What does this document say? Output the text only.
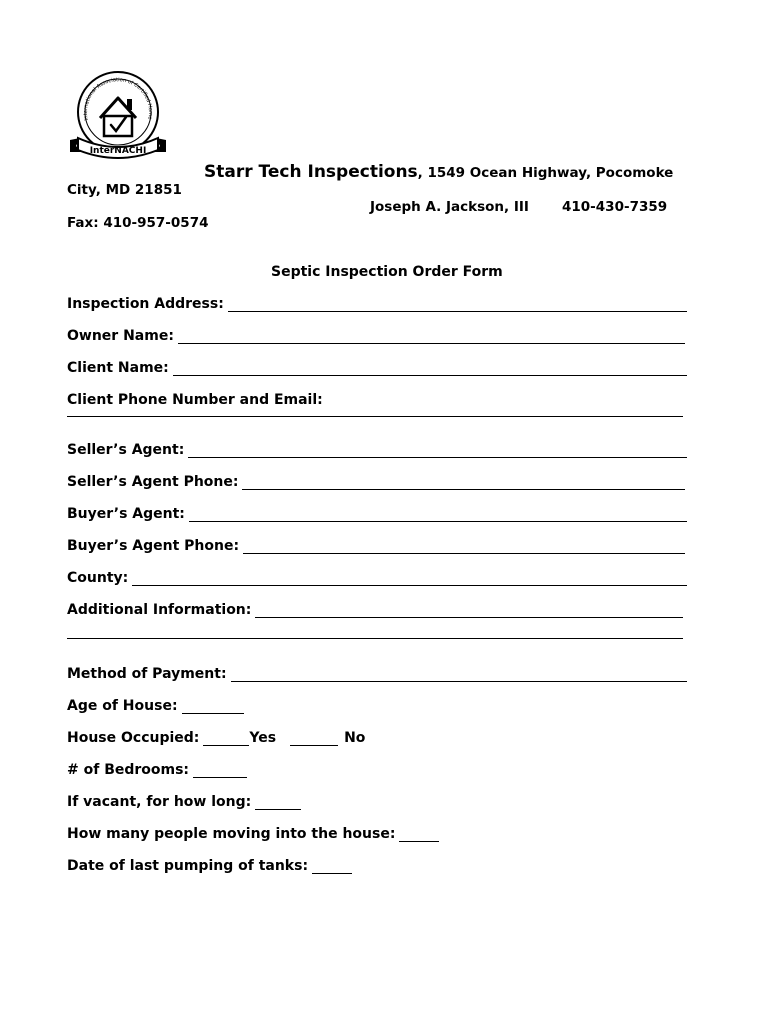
International Association of Certified Home
InterNACHI
Starr Tech Inspections, 1549 Ocean Highway, Pocomoke
City, MD 21851
Joseph A. Jackson, III 410-430-7359
Fax: 410-957-0574
Septic Inspection Order Form
Inspection Address:
Owner Name:
Client Name:
Client Phone Number and Email:
Seller’s Agent:
Seller’s Agent Phone:
Buyer’s Agent:
Buyer’s Agent Phone:
County:
Additional Information:
Method of Payment:
Age of House:
House Occupied:	Yes	No
# of Bedrooms:
If vacant, for how long:
How many people moving into the house:
Date of last pumping of tanks:
